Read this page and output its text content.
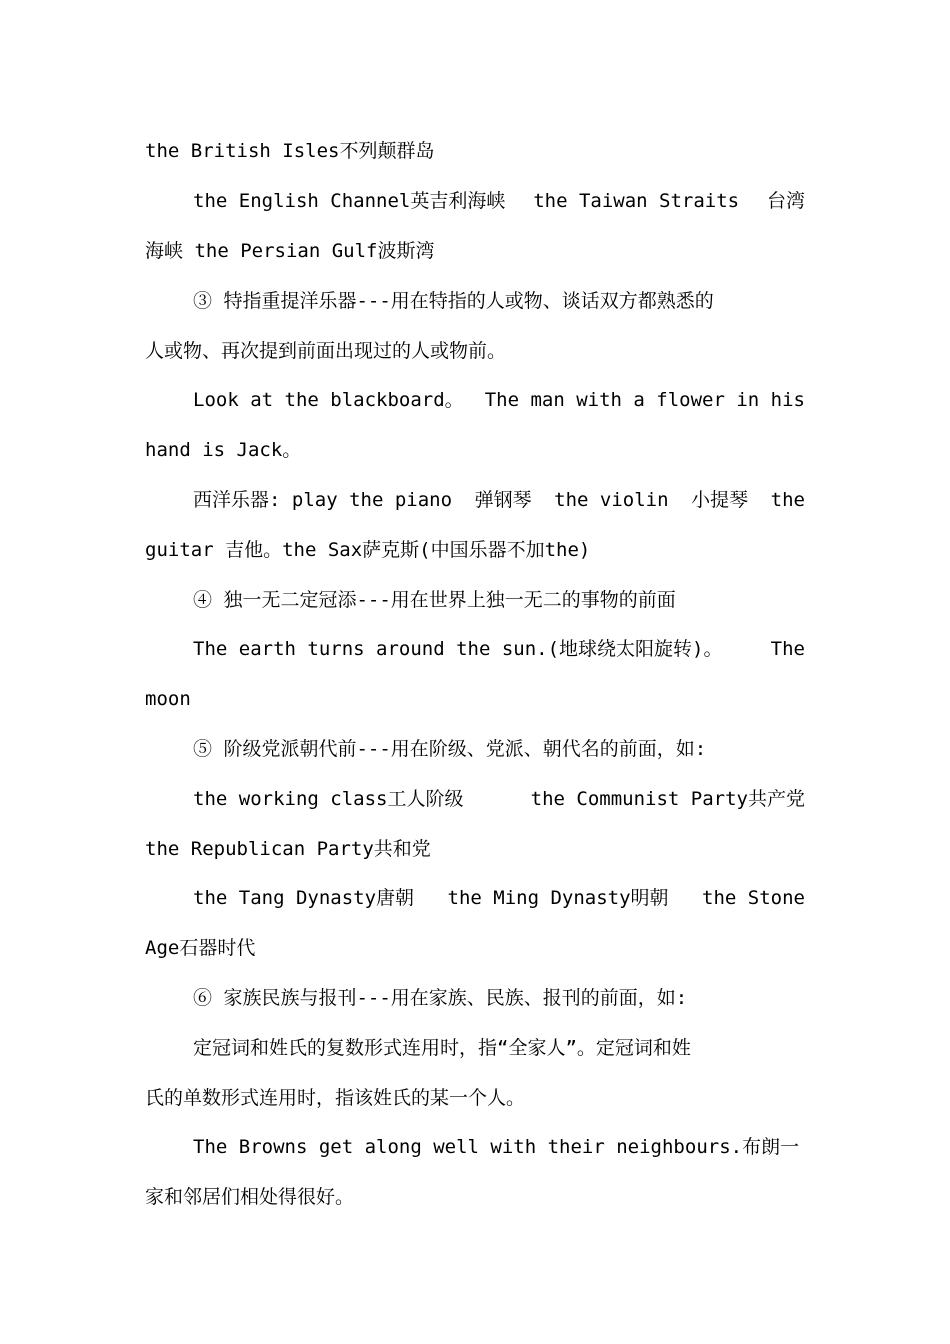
the British Isles不列颠群岛
the English Channel英吉利海峡 the Taiwan Straits 台湾
海峡 the Persian Gulf波斯湾
③ 特指重提洋乐器---用在特指的人或物、谈话双方都熟悉的
人或物、再次提到前面出现过的人或物前。
Look at the blackboard。 The man with a flower in his
hand is Jack。
西洋乐器: play the piano 弹钢琴 the violin 小提琴 the
guitar 吉他。the Sax萨克斯(中国乐器不加the)
④ 独一无二定冠添---用在世界上独一无二的事物的前面
The earth turns around the sun.(地球绕太阳旋转)。	The
moon
⑤ 阶级党派朝代前---用在阶级、党派、朝代名的前面，如:
the working class工人阶级	the Communist Party共产党
the Republican Party共和党
the Tang Dynasty唐朝 the Ming Dynasty明朝 the Stone
Age石器时代
⑥ 家族民族与报刊---用在家族、民族、报刊的前面，如:
定冠词和姓氏的复数形式连用时，指“全家人”。定冠词和姓
氏的单数形式连用时，指该姓氏的某一个人。
The Browns get along well with their neighbours.布朗一
家和邻居们相处得很好。
